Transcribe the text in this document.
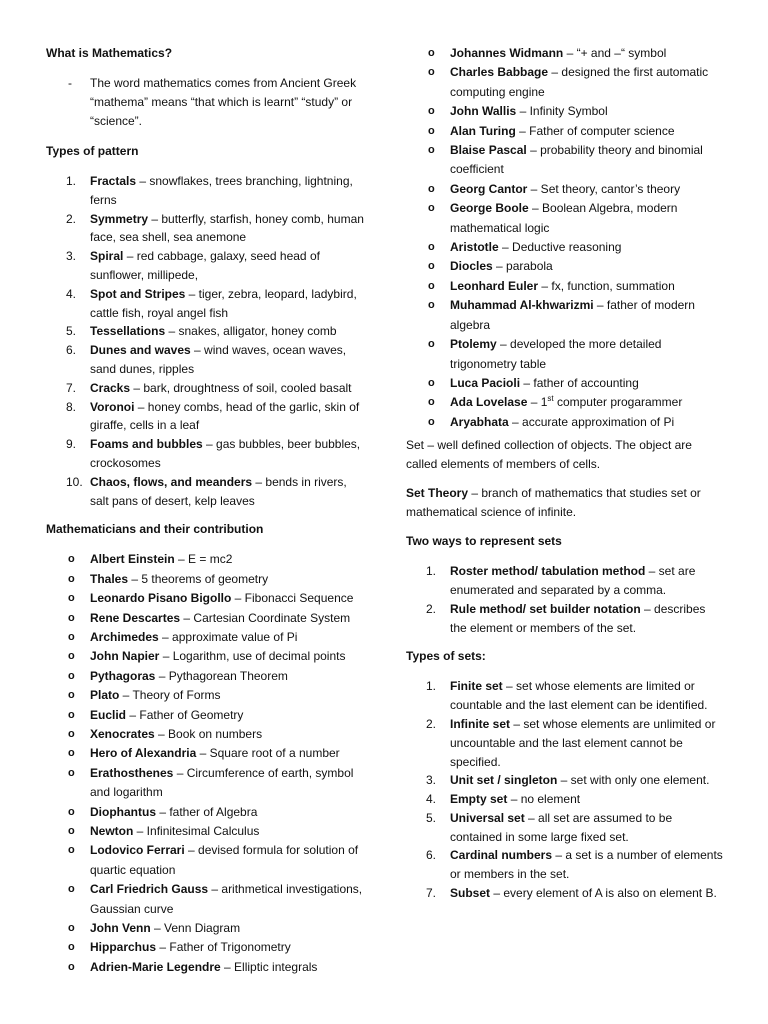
What is Mathematics?

- The word mathematics comes from Ancient Greek “mathema” means “that which is learnt” “study” or “science”.

Types of pattern

1.	Fractals – snowflakes, trees branching, lightning, ferns
2.	Symmetry – butterfly, starfish, honey comb, human face, sea shell, sea anemone
3.	Spiral – red cabbage, galaxy, seed head of sunflower, millipede,
4.	Spot and Stripes – tiger, zebra, leopard, ladybird, cattle fish, royal angel fish
5.	Tessellations – snakes, alligator, honey comb
6.	Dunes and waves – wind waves, ocean waves, sand dunes, ripples
7.	Cracks – bark, droughtness of soil, cooled basalt
8.	Voronoi – honey combs, head of the garlic, skin of giraffe, cells in a leaf
9.	Foams and bubbles – gas bubbles, beer bubbles, crockosomes
10. Chaos, flows, and meanders – bends in rivers, salt pans of desert, kelp leaves

Mathematicians and their contribution

o Albert Einstein – E = mc2
o Thales – 5 theorems of geometry
o Leonardo Pisano Bigollo – Fibonacci Sequence
o Rene Descartes – Cartesian Coordinate System
o Archimedes – approximate value of Pi
o John Napier – Logarithm, use of decimal points
o Pythagoras – Pythagorean Theorem
o Plato – Theory of Forms
o Euclid – Father of Geometry
o Xenocrates – Book on numbers
o Hero of Alexandria – Square root of a number
o Erathosthenes – Circumference of earth, symbol and logarithm
o Diophantus – father of Algebra
o Newton – Infinitesimal Calculus
o Lodovico Ferrari – devised formula for solution of quartic equation
o Carl Friedrich Gauss – arithmetical investigations, Gaussian curve
o John Venn – Venn Diagram
o Hipparchus – Father of Trigonometry
o Adrien-Marie Legendre – Elliptic integrals
o Johannes Widmann – “+ and –“ symbol
o Charles Babbage – designed the first automatic computing engine
o John Wallis – Infinity Symbol
o Alan Turing – Father of computer science
o Blaise Pascal – probability theory and binomial coefficient
o Georg Cantor – Set theory, cantor’s theory
o George Boole – Boolean Algebra, modern mathematical logic
o Aristotle – Deductive reasoning
o Diocles – parabola
o Leonhard Euler – fx, function, summation
o Muhammad Al-khwarizmi – father of modern algebra
o Ptolemy – developed the more detailed trigonometry table
o Luca Pacioli – father of accounting
o Ada Lovelase – 1st computer progarammer
o Aryabhata – accurate approximation of Pi

Set – well defined collection of objects. The object are called elements of members of cells.

Set Theory – branch of mathematics that studies set or mathematical science of infinite.

Two ways to represent sets

1.	Roster method/ tabulation method – set are enumerated and separated by a comma.
2.	Rule method/ set builder notation – describes the element or members of the set.

Types of sets:

1.	Finite set – set whose elements are limited or countable and the last element can be identified.
2.	Infinite set – set whose elements are unlimited or uncountable and the last element cannot be specified.
3.	Unit set / singleton – set with only one element.
4.	Empty set – no element
5.	Universal set – all set are assumed to be contained in some large fixed set.
6.	Cardinal numbers – a set is a number of elements or members in the set.
7.	Subset – every element of A is also on element B.
